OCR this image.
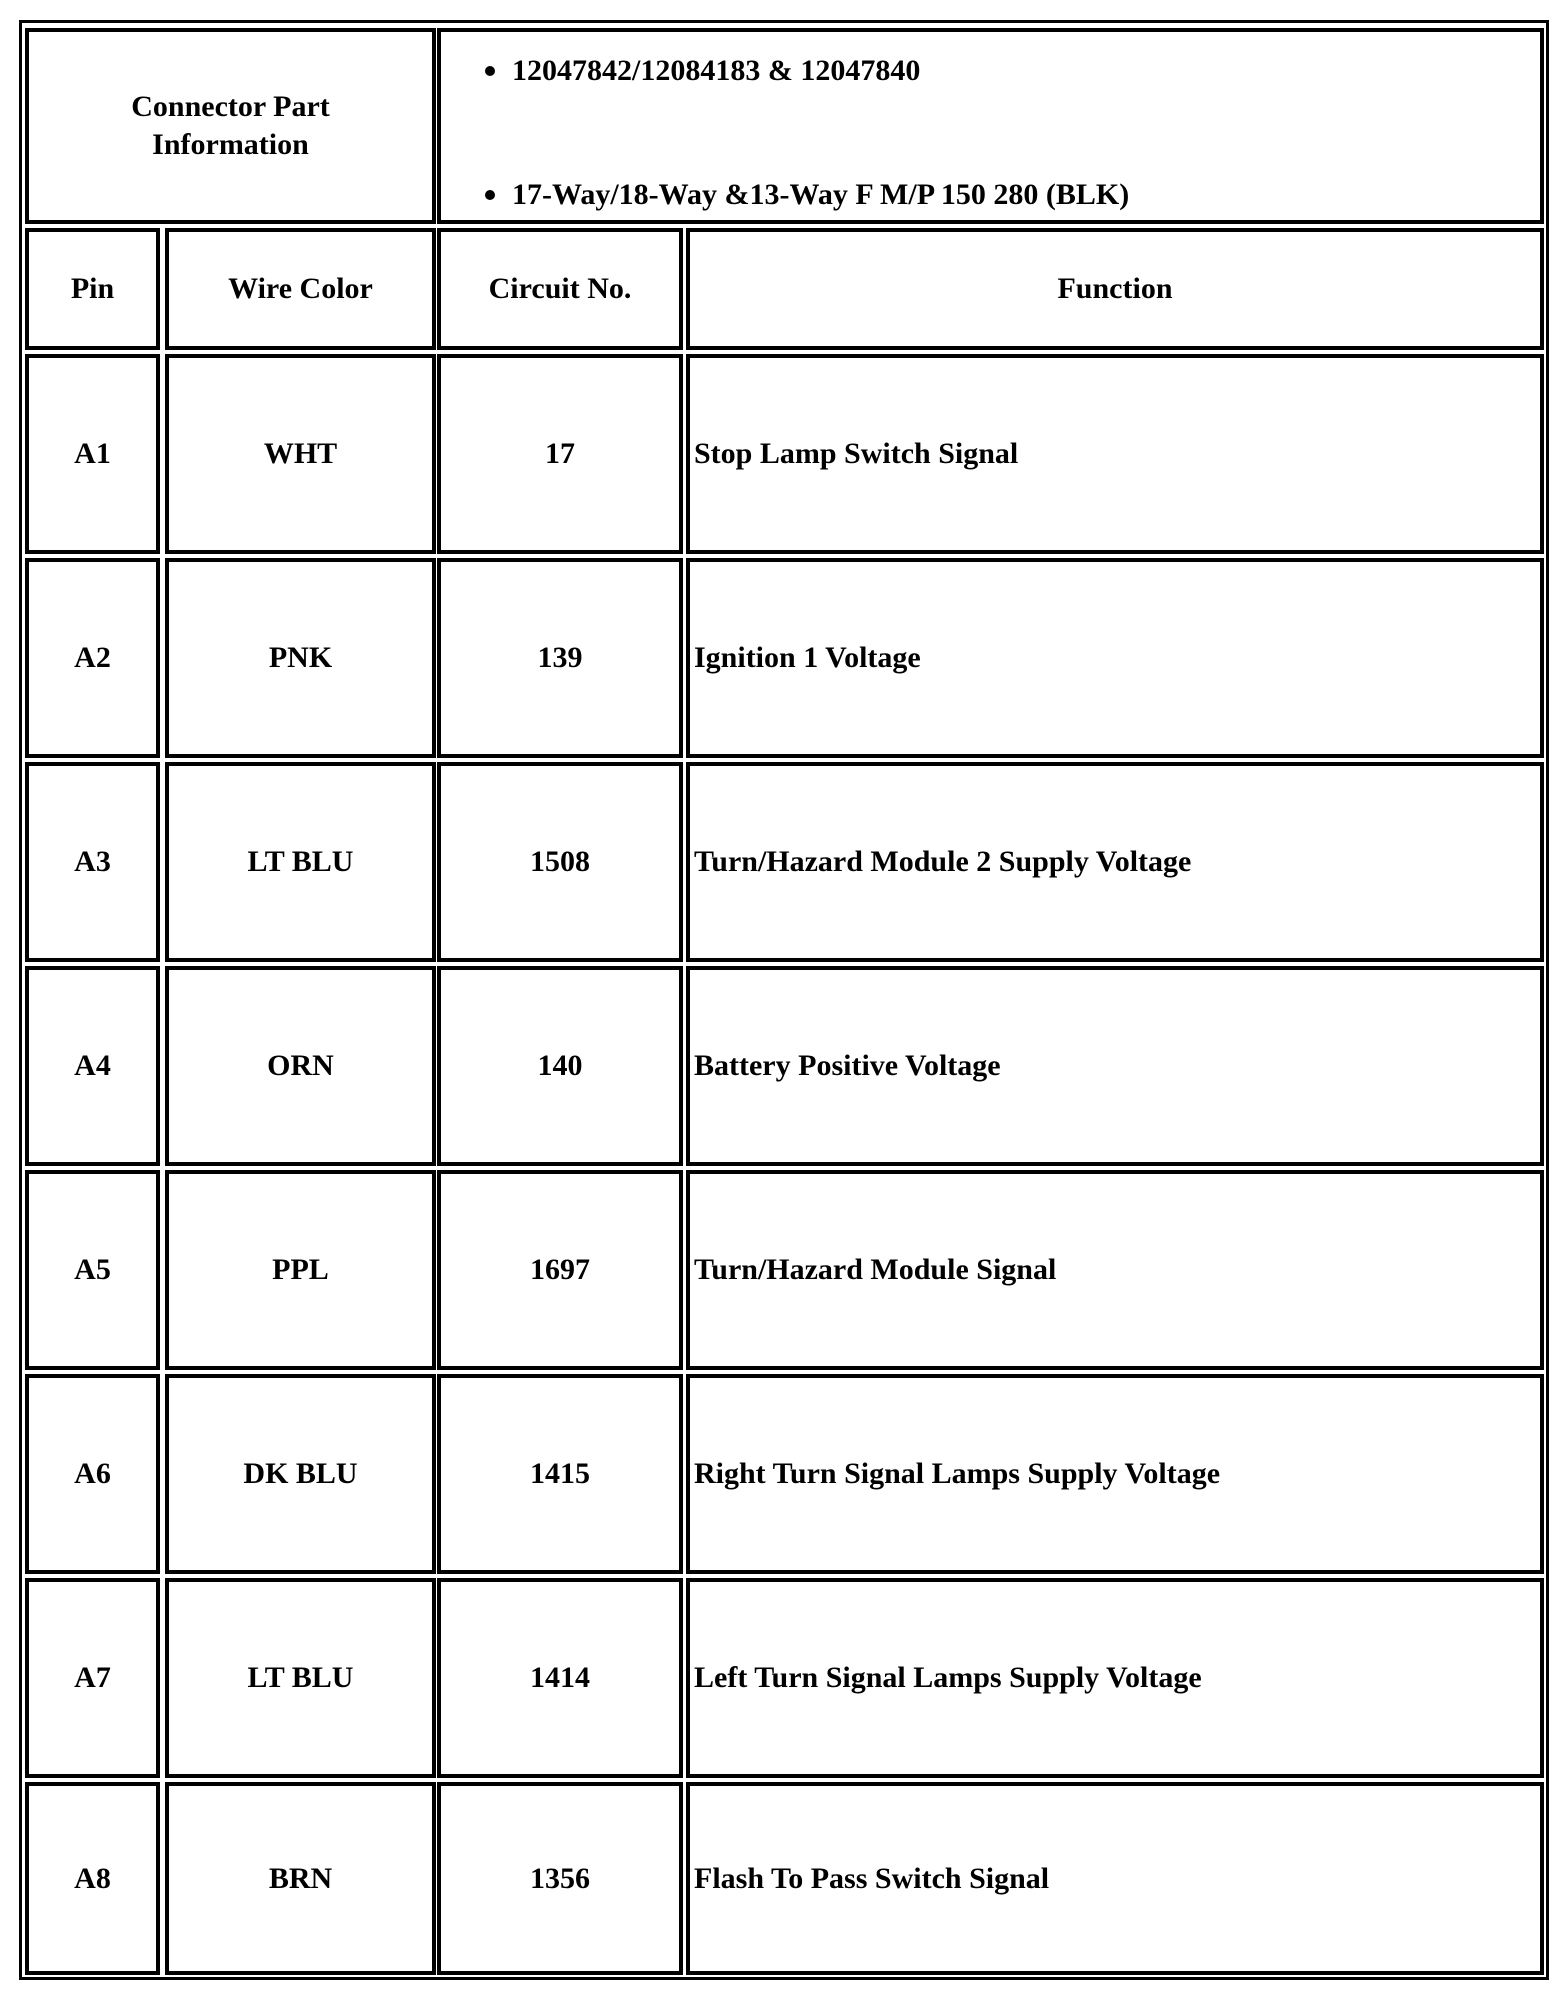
Connector Part Information
12047842/12084183 & 12047840
17-Way/18-Way &13-Way F M/P 150 280 (BLK)
Pin	Wire Color	Circuit No.	Function
A1	WHT	17	Stop Lamp Switch Signal
A2	PNK	139	Ignition 1 Voltage
A3	LT BLU	1508	Turn/Hazard Module 2 Supply Voltage
A4	ORN	140	Battery Positive Voltage
A5	PPL	1697	Turn/Hazard Module Signal
A6	DK BLU	1415	Right Turn Signal Lamps Supply Voltage
A7	LT BLU	1414	Left Turn Signal Lamps Supply Voltage
A8	BRN	1356	Flash To Pass Switch Signal
